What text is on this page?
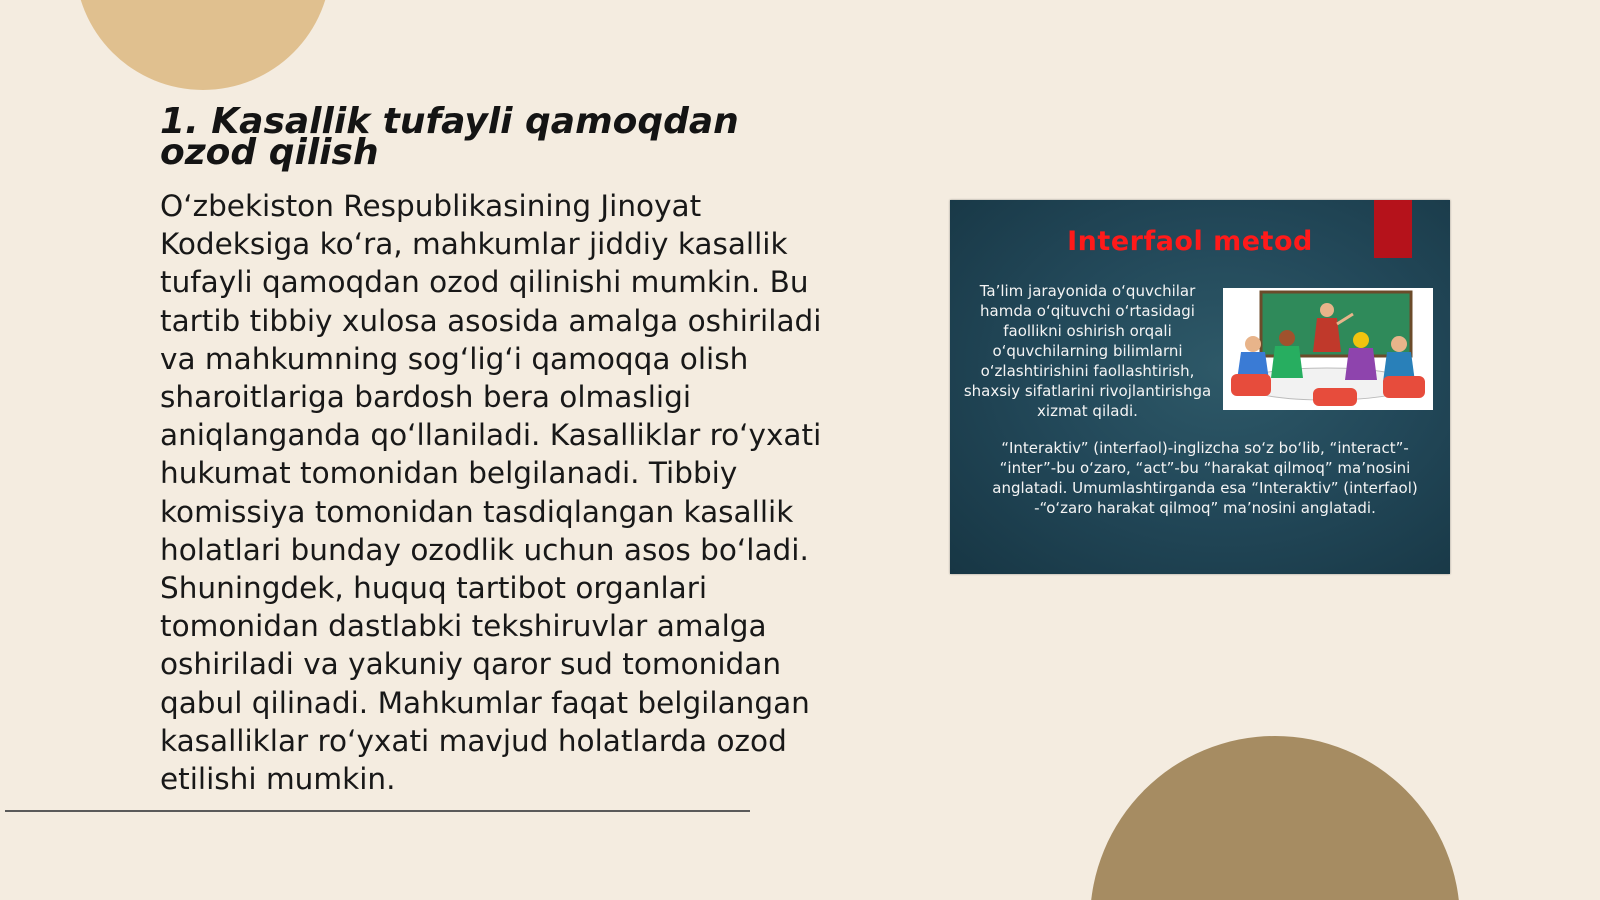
1. Kasallik tufayli qamoqdan ozod qilish

O‘zbekiston Respublikasining Jinoyat Kodeksiga ko‘ra, mahkumlar jiddiy kasallik tufayli qamoqdan ozod qilinishi mumkin. Bu tartib tibbiy xulosa asosida amalga oshiriladi va mahkumning sog‘lig‘i qamoqqa olish sharoitlariga bardosh bera olmasligi aniqlanganda qo‘llaniladi. Kasalliklar ro‘yxati hukumat tomonidan belgilanadi. Tibbiy komissiya tomonidan tasdiqlangan kasallik holatlari bunday ozodlik uchun asos bo‘ladi. Shuningdek, huquq tartibot organlari tomonidan dastlabki tekshiruvlar amalga oshiriladi va yakuniy qaror sud tomonidan qabul qilinadi. Mahkumlar faqat belgilangan kasalliklar ro‘yxati mavjud holatlarda ozod etilishi mumkin.

Interfaol metod

Ta’lim jarayonida o‘quvchilar hamda o‘qituvchi o‘rtasidagi faollikni oshirish orqali o‘quvchilarning bilimlarni o‘zlashtirishini faollashtirish, shaxsiy sifatlarini rivojlantirishga xizmat qiladi.

“Interaktiv” (interfaol)-inglizcha so‘z bo‘lib, “interact”- “inter”-bu o‘zaro, “act”-bu “harakat qilmoq” ma’nosini anglatadi. Umumlashtirganda esa “Interaktiv” (interfaol) -“o‘zaro harakat qilmoq” ma’nosini anglatadi.
